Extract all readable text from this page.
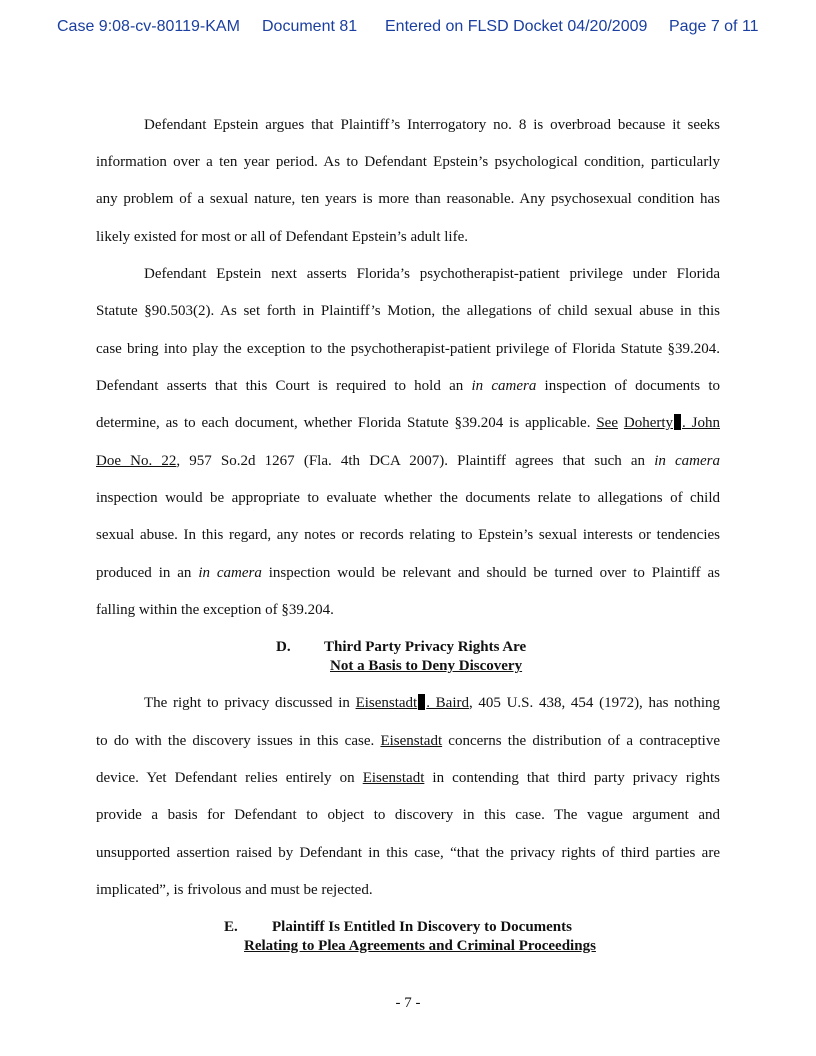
Case 9:08-cv-80119-KAM Document 81 Entered on FLSD Docket 04/20/2009 Page 7 of 11
Defendant Epstein argues that Plaintiff’s Interrogatory no. 8 is overbroad because it seeks
information over a ten year period. As to Defendant Epstein’s psychological condition, particularly
any problem of a sexual nature, ten years is more than reasonable. Any psychosexual condition has
likely existed for most or all of Defendant Epstein’s adult life.
Defendant Epstein next asserts Florida’s psychotherapist-patient privilege under Florida
Statute §90.503(2). As set forth in Plaintiff’s Motion, the allegations of child sexual abuse in this
case bring into play the exception to the psychotherapist-patient privilege of Florida Statute §39.204.
Defendant asserts that this Court is required to hold an in camera inspection of documents to
determine, as to each document, whether Florida Statute §39.204 is applicable. See Doherty . John
Doe No. 22, 957 So.2d 1267 (Fla. 4th DCA 2007). Plaintiff agrees that such an in camera
inspection would be appropriate to evaluate whether the documents relate to allegations of child
sexual abuse. In this regard, any notes or records relating to Epstein’s sexual interests or tendencies
produced in an in camera inspection would be relevant and should be turned over to Plaintiff as
falling within the exception of §39.204.
D. Third Party Privacy Rights Are
Not a Basis to Deny Discovery
The right to privacy discussed in Eisenstadt . Baird, 405 U.S. 438, 454 (1972), has nothing
to do with the discovery issues in this case. Eisenstadt concerns the distribution of a contraceptive
device. Yet Defendant relies entirely on Eisenstadt in contending that third party privacy rights
provide a basis for Defendant to object to discovery in this case. The vague argument and
unsupported assertion raised by Defendant in this case, “that the privacy rights of third parties are
implicated”, is frivolous and must be rejected.
E. Plaintiff Is Entitled In Discovery to Documents
Relating to Plea Agreements and Criminal Proceedings
- 7 -
